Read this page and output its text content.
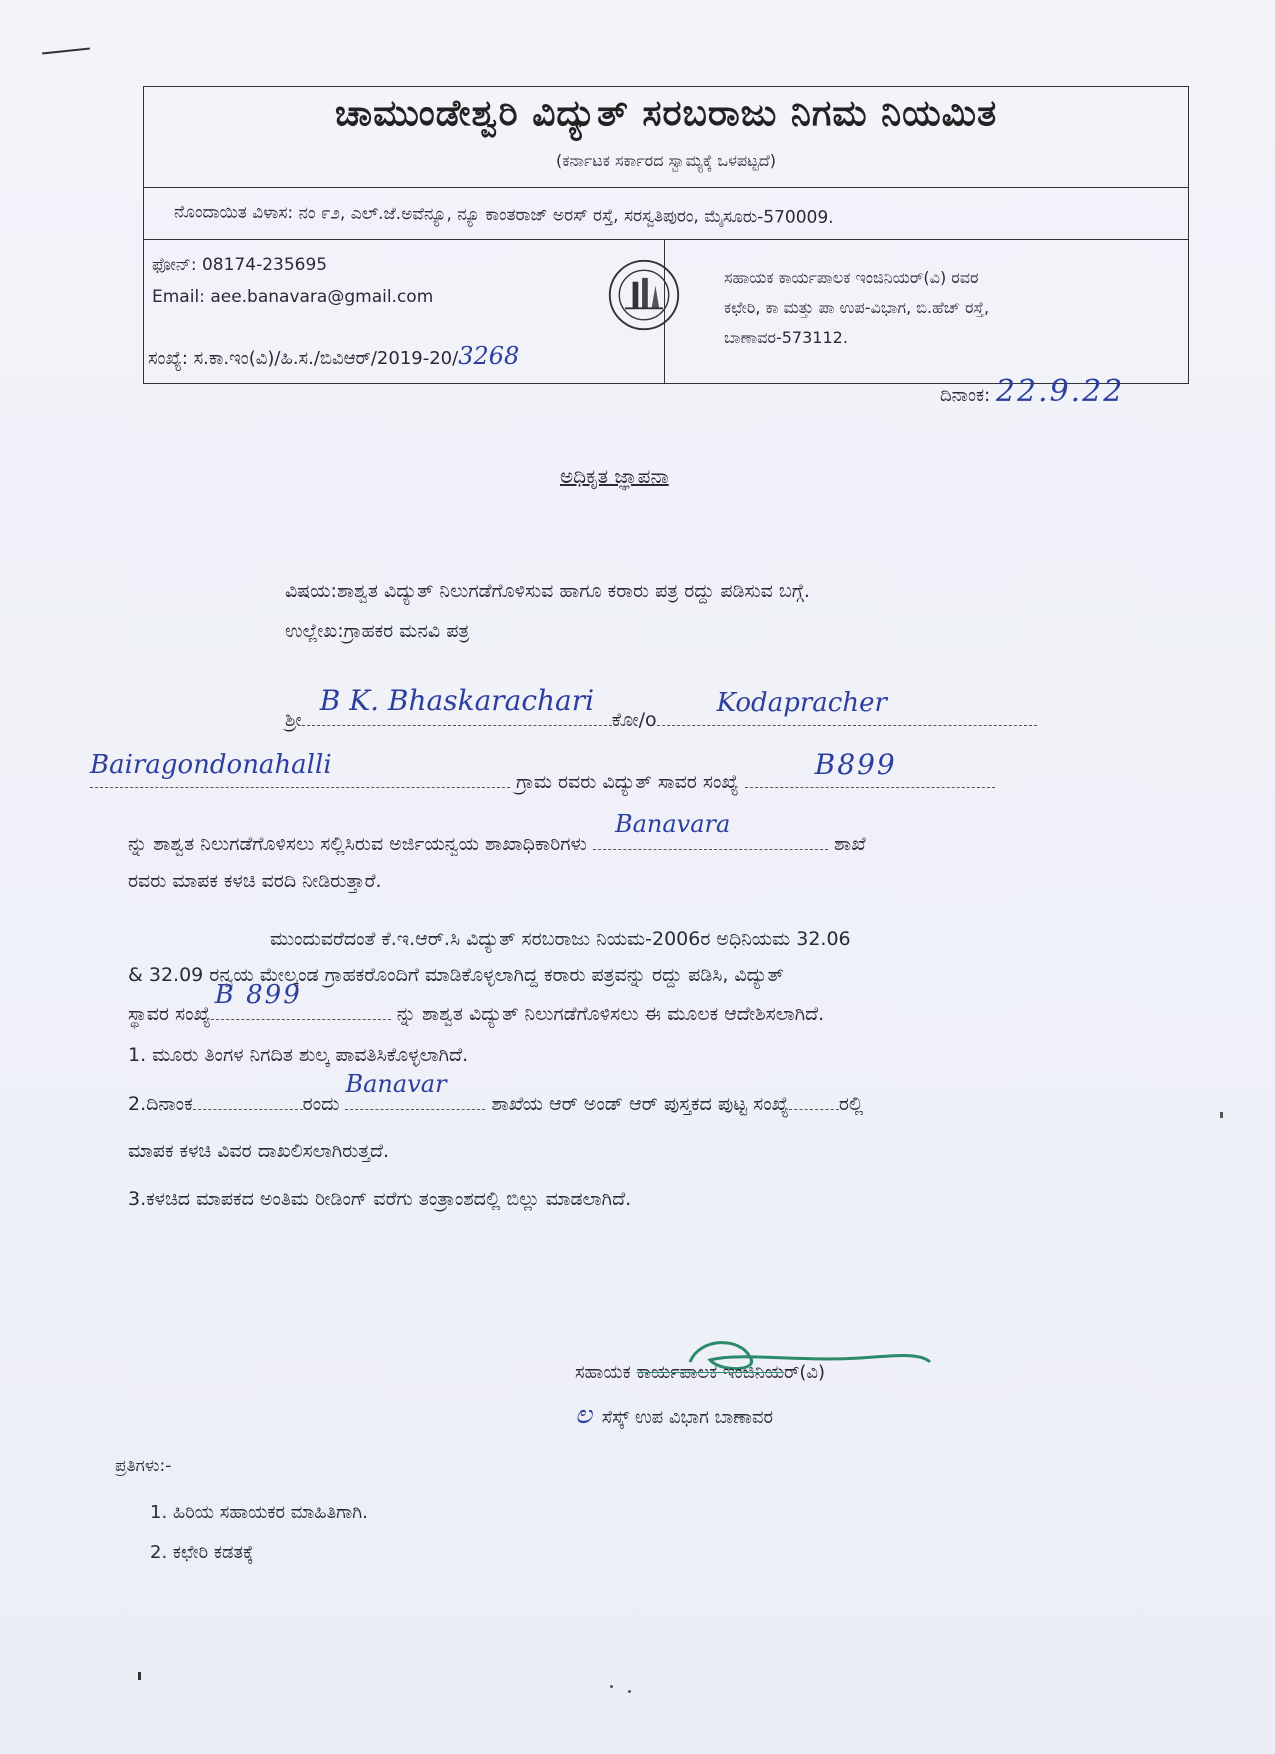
ಚಾಮುಂಡೇಶ್ವರಿ ವಿದ್ಯುತ್ ಸರಬರಾಜು ನಿಗಮ ನಿಯಮಿತ
(ಕರ್ನಾಟಕ ಸರ್ಕಾರದ ಸ್ವಾಮ್ಯಕ್ಕೆ ಒಳಪಟ್ಟದೆ)
ನೊಂದಾಯಿತ ವಿಳಾಸ: ನಂ ೯೨, ಎಲ್.ಜೆ.ಅವೆನ್ಯೂ, ನ್ಯೂ ಕಾಂತರಾಜ್ ಅರಸ್ ರಸ್ತೆ, ಸರಸ್ವತಿಪುರಂ, ಮೈಸೂರು-570009.
ಫೋನ್: 08174-235695
Email: aee.banavara@gmail.com
ಸಹಾಯಕ ಕಾರ್ಯಪಾಲಕ ಇಂಜಿನಿಯರ್(ವಿ) ರವರ
ಕಛೇರಿ, ಕಾ ಮತ್ತು ಪಾ ಉಪ-ವಿಭಾಗ, ಬಿ.ಹೆಚ್ ರಸ್ತೆ,
ಬಾಣಾವರ-573112.
ಸಂಖ್ಯೆ: ಸ.ಕಾ.ಇಂ(ವಿ)/ಹಿ.ಸ./ಬಿವಿಆರ್/2019-20/3268
ದಿನಾಂಕ: 22.9.22
ಅಧಿಕೃತ ಜ್ಞಾಪನಾ
ವಿಷಯ:ಶಾಶ್ವತ ವಿದ್ಯುತ್ ನಿಲುಗಡೆಗೊಳಿಸುವ ಹಾಗೂ ಕರಾರು ಪತ್ರ ರದ್ದು ಪಡಿಸುವ ಬಗ್ಗೆ.
ಉಲ್ಲೇಖ:ಗ್ರಾಹಕರ ಮನವಿ ಪತ್ರ
ಶ್ರೀ
B K. Bhaskarachari
ಕೋ/o
Kodapracher
Bairagondonahalli
ಗ್ರಾಮ ರವರು ವಿದ್ಯುತ್ ಸಾವರ ಸಂಖ್ಯೆ
B899
ನ್ನು ಶಾಶ್ವತ ನಿಲುಗಡೆಗೊಳಿಸಲು ಸಲ್ಲಿಸಿರುವ ಅರ್ಜಿಯನ್ವಯ ಶಾಖಾಧಿಕಾರಿಗಳು
Banavara
ಶಾಖೆ
ರವರು ಮಾಪಕ ಕಳಚಿ ವರದಿ ನೀಡಿರುತ್ತಾರೆ.
ಮುಂದುವರೆದಂತೆ ಕೆ.ಇ.ಆರ್.ಸಿ ವಿದ್ಯುತ್ ಸರಬರಾಜು ನಿಯಮ-2006ರ ಅಧಿನಿಯಮ 32.06
& 32.09 ರನ್ವಯ ಮೇಲ್ಕಂಡ ಗ್ರಾಹಕರೊಂದಿಗೆ ಮಾಡಿಕೊಳ್ಳಲಾಗಿದ್ದ ಕರಾರು ಪತ್ರವನ್ನು ರದ್ದು ಪಡಿಸಿ, ವಿದ್ಯುತ್
ಸ್ಥಾವರ ಸಂಖ್ಯೆ
B 899
ನ್ನು ಶಾಶ್ವತ ವಿದ್ಯುತ್ ನಿಲುಗಡೆಗೊಳಿಸಲು ಈ ಮೂಲಕ ಆದೇಶಿಸಲಾಗಿದೆ.
1. ಮೂರು ತಿಂಗಳ ನಿಗದಿತ ಶುಲ್ಕ ಪಾವತಿಸಿಕೊಳ್ಳಲಾಗಿದೆ.
2.ದಿನಾಂಕ	ರಂದು
Banavar
ಶಾಖೆಯ ಆರ್ ಅಂಡ್ ಆರ್ ಪುಸ್ತಕದ ಪುಟ್ಟ ಸಂಖ್ಯೆ	ರಲ್ಲಿ
ಮಾಪಕ ಕಳಚಿ ವಿವರ ದಾಖಲಿಸಲಾಗಿರುತ್ತದೆ.
3.ಕಳಚಿದ ಮಾಪಕದ ಅಂತಿಮ ರೀಡಿಂಗ್ ವರೆಗು ತಂತ್ರಾಂಶದಲ್ಲಿ ಬಿಲ್ಲು ಮಾಡಲಾಗಿದೆ.
ಸಹಾಯಕ ಕಾರ್ಯಪಾಲಕ ಇಂಜಿನಿಯರ್(ವಿ)
ಲ ಸೆಸ್ಕ್ ಉಪ ವಿಭಾಗ ಬಾಣಾವರ
ಪ್ರತಿಗಳು:-
1. ಹಿರಿಯ ಸಹಾಯಕರ ಮಾಹಿತಿಗಾಗಿ.
2. ಕಛೇರಿ ಕಡತಕ್ಕೆ
